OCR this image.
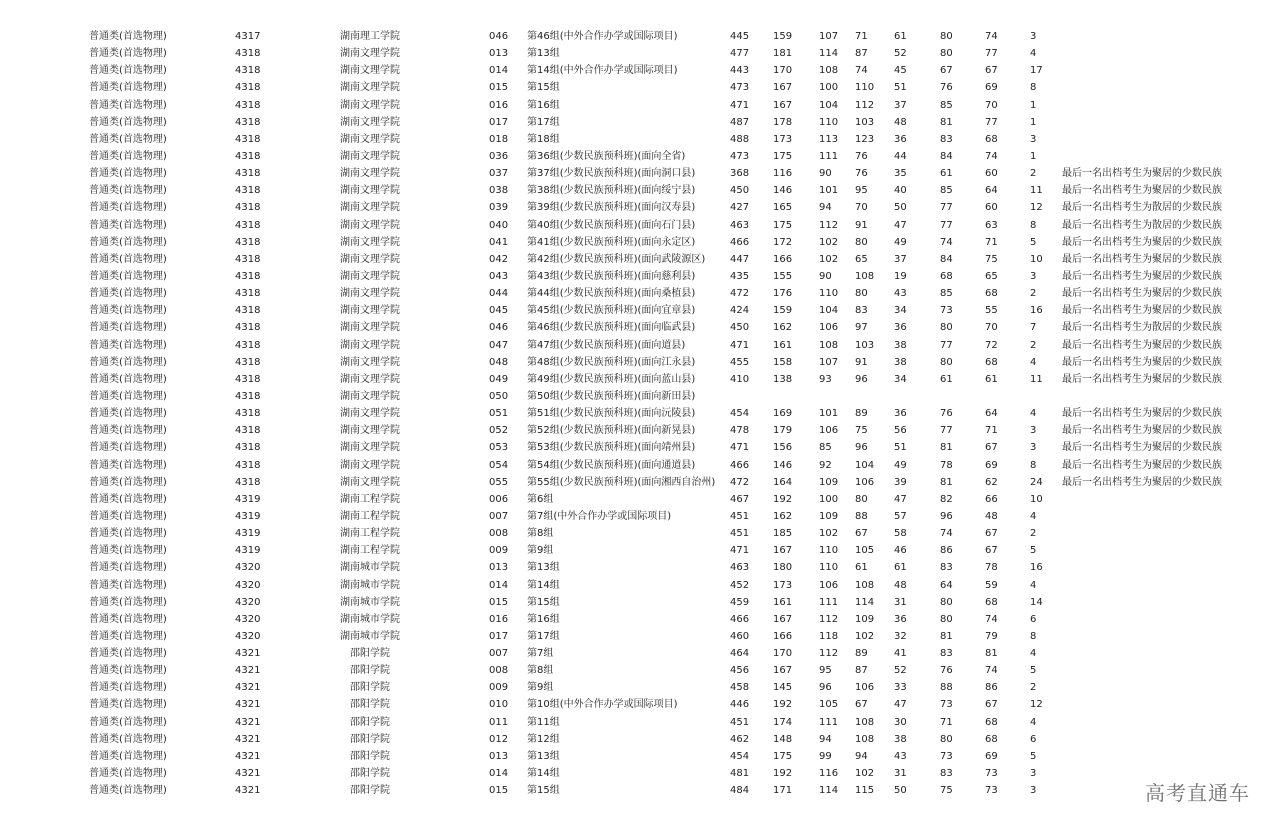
普通类(首选物理)	4317	湖南理工学院	046 第46组(中外合作办学或国际项目)	445 159	107 71	61	80	74	3
普通类(首选物理)	4318	湖南文理学院	013 第13组	477 181	114 87	52	80	77	4
普通类(首选物理)	4318	湖南文理学院	014 第14组(中外合作办学或国际项目)	443 170	108 74	45	67	67	17
普通类(首选物理)	4318	湖南文理学院	015 第15组	473 167	100 110 51	76	69	8
普通类(首选物理)	4318	湖南文理学院	016 第16组	471 167	104 112 37	85	70	1
普通类(首选物理)	4318	湖南文理学院	017 第17组	487 178	110 103 48	81	77	1
普通类(首选物理)	4318	湖南文理学院	018 第18组	488 173	113 123 36	83	68	3
普通类(首选物理)	4318	湖南文理学院	036 第36组(少数民族预科班)(面向全省)	473 175	111 76	44	84	74	1
普通类(首选物理)	4318	湖南文理学院	037 第37组(少数民族预科班)(面向洞口县)	368 116	90 76	35	61	60	2	最后一名出档考生为聚居的少数民族
普通类(首选物理)	4318	湖南文理学院	038 第38组(少数民族预科班)(面向绥宁县)	450 146	101 95	40	85	64	11 最后一名出档考生为聚居的少数民族
普通类(首选物理)	4318	湖南文理学院	039 第39组(少数民族预科班)(面向汉寿县)	427 165	94 70	50	77	60	12 最后一名出档考生为散居的少数民族
普通类(首选物理)	4318	湖南文理学院	040 第40组(少数民族预科班)(面向石门县)	463 175	112 91	47	77	63	8	最后一名出档考生为散居的少数民族
普通类(首选物理)	4318	湖南文理学院	041 第41组(少数民族预科班)(面向永定区)	466 172	102 80	49	74	71	5	最后一名出档考生为聚居的少数民族
普通类(首选物理)	4318	湖南文理学院	042 第42组(少数民族预科班)(面向武陵源区) 447 166	102 65	37	84	75	10 最后一名出档考生为聚居的少数民族
普通类(首选物理)	4318	湖南文理学院	043 第43组(少数民族预科班)(面向慈利县)	435 155	90 108 19	68	65	3	最后一名出档考生为聚居的少数民族
普通类(首选物理)	4318	湖南文理学院	044 第44组(少数民族预科班)(面向桑植县)	472 176	110 80	43	85	68	2	最后一名出档考生为聚居的少数民族
普通类(首选物理)	4318	湖南文理学院	045 第45组(少数民族预科班)(面向宜章县)	424 159	104 83	34	73	55	16 最后一名出档考生为聚居的少数民族
普通类(首选物理)	4318	湖南文理学院	046 第46组(少数民族预科班)(面向临武县)	450 162	106 97	36	80	70	7	最后一名出档考生为散居的少数民族
普通类(首选物理)	4318	湖南文理学院	047 第47组(少数民族预科班)(面向道县)	471 161	108 103 38	77	72	2	最后一名出档考生为聚居的少数民族
普通类(首选物理)	4318	湖南文理学院	048 第48组(少数民族预科班)(面向江永县)	455 158	107 91	38	80	68	4	最后一名出档考生为聚居的少数民族
普通类(首选物理)	4318	湖南文理学院	049 第49组(少数民族预科班)(面向蓝山县)	410 138	93 96	34	61	61	11 最后一名出档考生为聚居的少数民族
普通类(首选物理)	4318	湖南文理学院	050 第50组(少数民族预科班)(面向新田县)
普通类(首选物理)	4318	湖南文理学院	051 第51组(少数民族预科班)(面向沅陵县)	454 169	101 89	36	76	64	4	最后一名出档考生为聚居的少数民族
普通类(首选物理)	4318	湖南文理学院	052 第52组(少数民族预科班)(面向新晃县)	478 179	106 75	56	77	71	3	最后一名出档考生为聚居的少数民族
普通类(首选物理)	4318	湖南文理学院	053 第53组(少数民族预科班)(面向靖州县)	471 156	85 96	51	81	67	3	最后一名出档考生为聚居的少数民族
普通类(首选物理)	4318	湖南文理学院	054 第54组(少数民族预科班)(面向通道县)	466 146	92 104 49	78	69	8	最后一名出档考生为聚居的少数民族
普通类(首选物理)	4318	湖南文理学院	055 第55组(少数民族预科班)(面向湘西自治州) 472 164	109 106 39	81	62	24 最后一名出档考生为聚居的少数民族
普通类(首选物理)	4319	湖南工程学院	006 第6组	467 192	100 80	47	82	66	10
普通类(首选物理)	4319	湖南工程学院	007 第7组(中外合作办学或国际项目)	451 162	109 88	57	96	48	4
普通类(首选物理)	4319	湖南工程学院	008 第8组	451 185	102 67	58	74	67	2
普通类(首选物理)	4319	湖南工程学院	009 第9组	471 167	110 105 46	86	67	5
普通类(首选物理)	4320	湖南城市学院	013 第13组	463 180	110 61	61	83	78	16
普通类(首选物理)	4320	湖南城市学院	014 第14组	452 173	106 108 48	64	59	4
普通类(首选物理)	4320	湖南城市学院	015 第15组	459 161	111 114 31	80	68	14
普通类(首选物理)	4320	湖南城市学院	016 第16组	466 167	112 109 36	80	74	6
普通类(首选物理)	4320	湖南城市学院	017 第17组	460 166	118 102 32	81	79	8
普通类(首选物理)	4321	邵阳学院	007 第7组	464 170	112 89	41	83	81	4
普通类(首选物理)	4321	邵阳学院	008 第8组	456 167	95 87	52	76	74	5
普通类(首选物理)	4321	邵阳学院	009 第9组	458 145	96 106 33	88	86	2
普通类(首选物理)	4321	邵阳学院	010 第10组(中外合作办学或国际项目)	446 192	105 67	47	73	67	12
普通类(首选物理)	4321	邵阳学院	011 第11组	451 174	111 108 30	71	68	4
普通类(首选物理)	4321	邵阳学院	012 第12组	462 148	94 108 38	80	68	6
普通类(首选物理)	4321	邵阳学院	013 第13组	454 175	99 94	43	73	69	5
普通类(首选物理)	4321	邵阳学院	014 第14组	481 192	116 102 31	83	73	3
普通类(首选物理)	4321	邵阳学院	015 第15组	484 171	114 115 50	75	73	3	高考直通车
